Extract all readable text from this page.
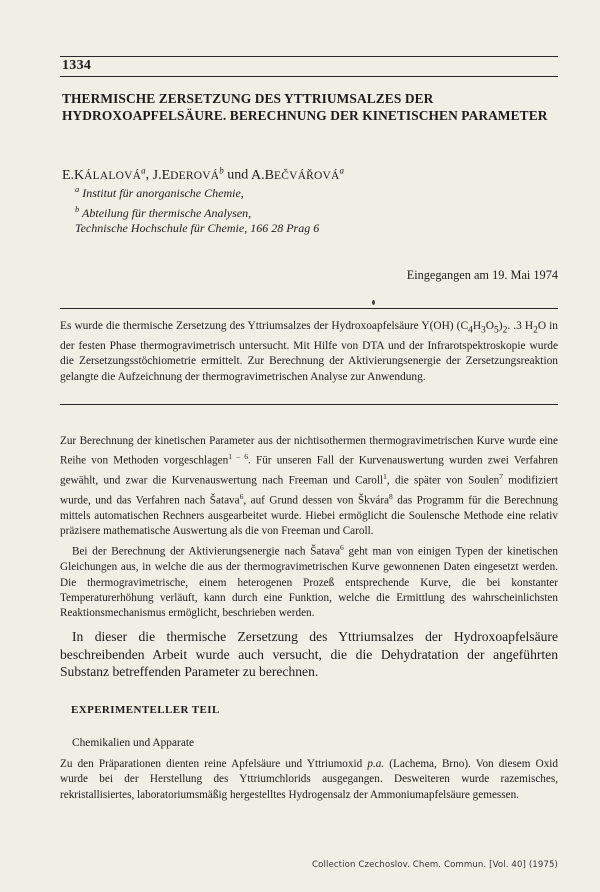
1334
THERMISCHE ZERSETZUNG DES YTTRIUMSALZES DER HYDROXOAPFELSÄURE. BERECHNUNG DER KINETISCHEN PARAMETER
E.KÁLALOVÁ$^a$, J.EDEROVÁ$^b$ und A.BEČVÁŘOVÁ$^a$
$^a$ Institut für anorganische Chemie,
$^b$ Abteilung für thermische Analysen,
Technische Hochschule für Chemie, 166 28 Prag 6
Eingegangen am 19. Mai 1974
Es wurde die thermische Zersetzung des Yttriumsalzes der Hydroxoapfelsäure Y(OH) $(C_4H_3O_5)_2$. .3 $H_2O$ in der festen Phase thermogravimetrisch untersucht. Mit Hilfe von DTA und der Infrarotspektroskopie wurde die Zersetzungsstöchiometrie ermittelt. Zur Berechnung der Aktivierungsenergie der Zersetzungsreaktion gelangte die Aufzeichnung der thermogravimetrischen Analyse zur Anwendung.

Zur Berechnung der kinetischen Parameter aus der nichtisothermen thermogravimetrischen Kurve wurde eine Reihe von Methoden vorgeschlagen$^{1 - 6}$. Für unseren Fall der Kurvenauswertung wurden zwei Verfahren gewählt, und zwar die Kurvenauswertung nach Freeman und Caroll$^1$, die später von Soulen$^7$ modifiziert wurde, und das Verfahren nach Šatava$^6$, auf Grund dessen von Škvára$^8$ das Programm für die Berechnung mittels automatischen Rechners ausgearbeitet wurde. Hiebei ermöglicht die Soulensche Methode eine relativ präzisere mathematische Auswertung als die von Freeman und Caroll.

Bei der Berechnung der Aktivierungsenergie nach Šatava$^6$ geht man von einigen Typen der kinetischen Gleichungen aus, in welche die aus der thermogravimetrischen Kurve gewonnenen Daten eingesetzt werden. Die thermogravimetrische, einem heterogenen Prozeß entsprechende Kurve, die bei konstanter Temperaturerhöhung verläuft, kann durch eine Funktion, welche die Ermittlung des wahrscheinlichsten Reaktionsmechanismus ermöglicht, beschrieben werden.

In dieser die thermische Zersetzung des Yttriumsalzes der Hydroxoapfelsäure beschreibenden Arbeit wurde auch versucht, die die Dehydratation der angeführten Substanz betreffenden Parameter zu berechnen.

EXPERIMENTELLER TEIL
Chemikalien und Apparate

Zu den Präparationen dienten reine Apfelsäure und Yttriumoxid p.a. (Lachema, Brno). Von diesem Oxid wurde bei der Herstellung des Yttriumchlorids ausgegangen. Desweiteren wurde razemisches, rekristallisiertes, laboratoriumsmäßig hergestelltes Hydrogensalz der Ammoniumapfelsäure gemessen.

Collection Czechoslov. Chem. Commun. [Vol. 40] (1975)
